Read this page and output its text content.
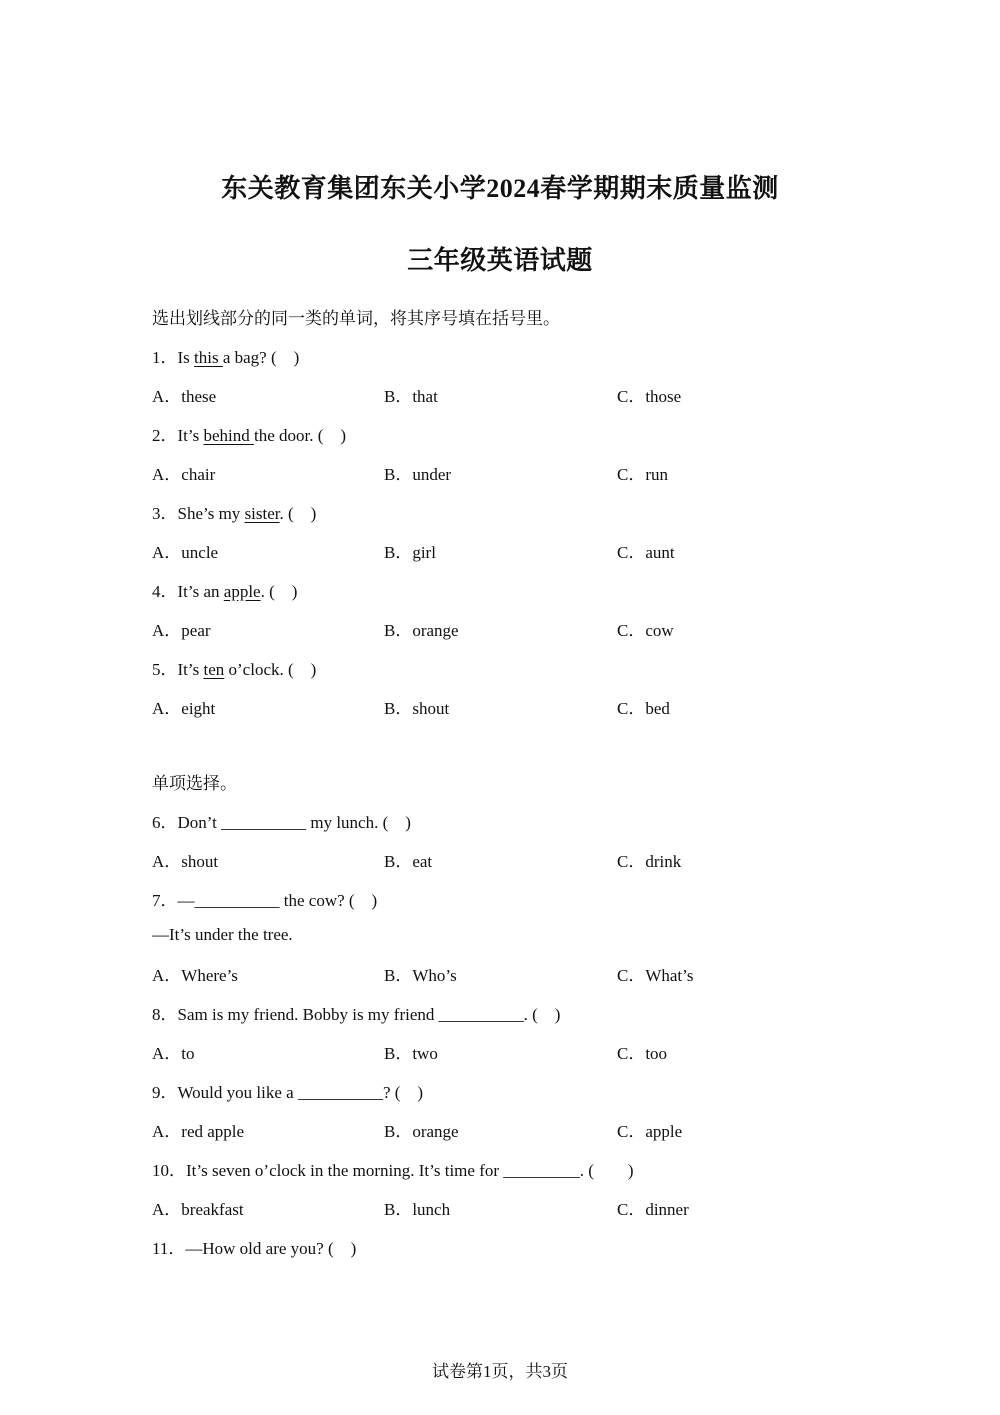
东关教育集团东关小学2024春学期期末质量监测
三年级英语试题
选出划线部分的同一类的单词，将其序号填在括号里。
1．Is this a bag? (　)
A．these	B．that	C．those
2．It’s behind the door. (　)
A．chair	B．under	C．run
3．She’s my sister. (　)
A．uncle	B．girl	C．aunt
4．It’s an apple. (　)
A．pear	B．orange	C．cow
5．It’s ten o’clock. (　)
A．eight	B．shout	C．bed
单项选择。
6．Don’t __________ my lunch. (　)
A．shout	B．eat	C．drink
7．—__________ the cow? (　)
—It’s under the tree.
A．Where’s	B．Who’s	C．What’s
8．Sam is my friend. Bobby is my friend __________. (　)
A．to	B．two	C．too
9．Would you like a __________? (　)
A．red apple	B．orange	C．apple
10．It’s seven o’clock in the morning. It’s time for _________. (　　)
A．breakfast	B．lunch	C．dinner
11．—How old are you? (　)
试卷第1页，共3页
